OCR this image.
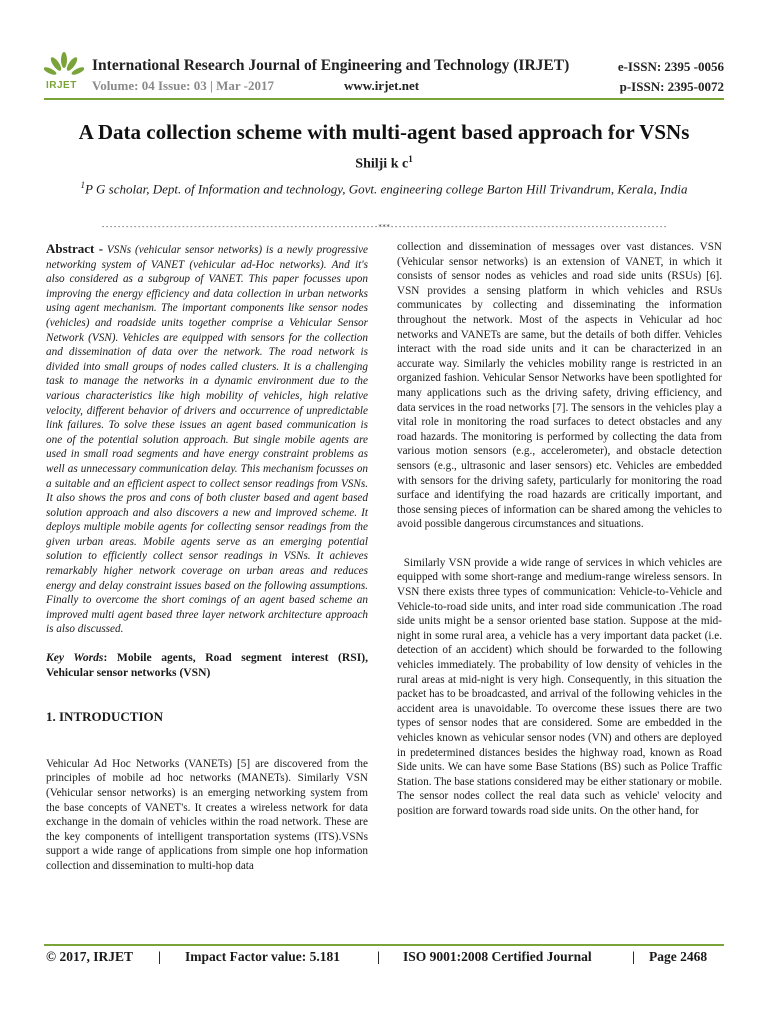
IRJET
International Research Journal of Engineering and Technology (IRJET)
Volume: 04 Issue: 03 | Mar -2017	www.irjet.net
e-ISSN: 2395 -0056
p-ISSN: 2395-0072
A Data collection scheme with multi-agent based approach for VSNs
Shilji k $c^1$
$^1$P G scholar, Dept. of Information and technology, Govt. engineering college Barton Hill Trivandrum, Kerala, India
---------------------------------------------------------------------***---------------------------------------------------------------------
Abstract - VSNs (vehicular sensor networks) is a newly progressive networking system of VANET (vehicular ad-Hoc networks). And it's also considered as a subgroup of VANET. This paper focusses upon improving the energy efficiency and data collection in urban networks using agent mechanism. The important components like sensor nodes (vehicles) and roadside units together comprise a Vehicular Sensor Network (VSN). Vehicles are equipped with sensors for the collection and dissemination of data over the network. The road network is divided into small groups of nodes called clusters. It is a challenging task to manage the networks in a dynamic environment due to the various characteristics like high mobility of vehicles, high relative velocity, different behavior of drivers and occurrence of unpredictable link failures. To solve these issues an agent based communication is one of the potential solution approach. But single mobile agents are used in small road segments and have energy constraint problems as well as unnecessary communication delay. This mechanism focusses on a suitable and an efficient aspect to collect sensor readings from VSNs. It also shows the pros and cons of both cluster based and agent based solution approach and also discovers a new and improved scheme. It deploys multiple mobile agents for collecting sensor readings from the given urban areas. Mobile agents serve as an emerging potential solution to efficiently collect sensor readings in VSNs. It achieves remarkably higher network coverage on urban areas and reduces energy and delay constraint issues based on the following assumptions. Finally to overcome the short comings of an agent based scheme an improved multi agent based three layer network architecture approach is also discussed.
Key Words: Mobile agents, Road segment interest (RSI), Vehicular sensor networks (VSN)
1. INTRODUCTION
Vehicular Ad Hoc Networks (VANETs) [5] are discovered from the principles of mobile ad hoc networks (MANETs). Similarly VSN (Vehicular sensor networks) is an emerging networking system from the base concepts of VANET's. It creates a wireless network for data exchange in the domain of vehicles within the road network. These are the key components of intelligent transportation systems (ITS).VSNs support a wide range of applications from simple one hop information collection and dissemination to multi-hop data
collection and dissemination of messages over vast distances. VSN (Vehicular sensor networks) is an extension of VANET, in which it consists of sensor nodes as vehicles and road side units (RSUs) [6]. VSN provides a sensing platform in which vehicles and RSUs communicates by collecting and disseminating the information throughout the network. Most of the aspects in Vehicular ad hoc networks and VANETs are same, but the details of both differ. Vehicles interact with the road side units and it can be characterized in an accurate way. Similarly the vehicles mobility range is restricted in an organized fashion. Vehicular Sensor Networks have been spotlighted for many applications such as the driving safety, driving efficiency, and data services in the road networks [7]. The sensors in the vehicles play a vital role in monitoring the road surfaces to detect obstacles and any road hazards. The monitoring is performed by collecting the data from various motion sensors (e.g., accelerometer), and obstacle detection sensors (e.g., ultrasonic and laser sensors) etc. Vehicles are embedded with sensors for the driving safety, particularly for monitoring the road surface and identifying the road hazards are critically important, and those sensing pieces of information can be shared among the vehicles to avoid possible dangerous circumstances and situations.
Similarly VSN provide a wide range of services in which vehicles are equipped with some short-range and medium-range wireless sensors. In VSN there exists three types of communication: Vehicle-to-Vehicle and Vehicle-to-road side units, and inter road side communication .The road side units might be a sensor oriented base station. Suppose at the mid-night in some rural area, a vehicle has a very important data packet (i.e. detection of an accident) which should be forwarded to the following vehicles immediately. The probability of low density of vehicles in the rural areas at mid-night is very high. Consequently, in this situation the packet has to be broadcasted, and arrival of the following vehicles in the accident area is unavoidable. To overcome these issues there are two types of sensor nodes that are considered. Some are embedded in the vehicles known as vehicular sensor nodes (VN) and others are deployed in predetermined distances besides the highway road, known as Road Side units. We can have some Base Stations (BS) such as Police Traffic Station. The base stations considered may be either stationary or mobile. The sensor nodes collect the real data such as vehicle' velocity and position are forward towards road side units. On the other hand, for
© 2017, IRJET | Impact Factor value: 5.181	| ISO 9001:2008 Certified Journal	| Page 2468
